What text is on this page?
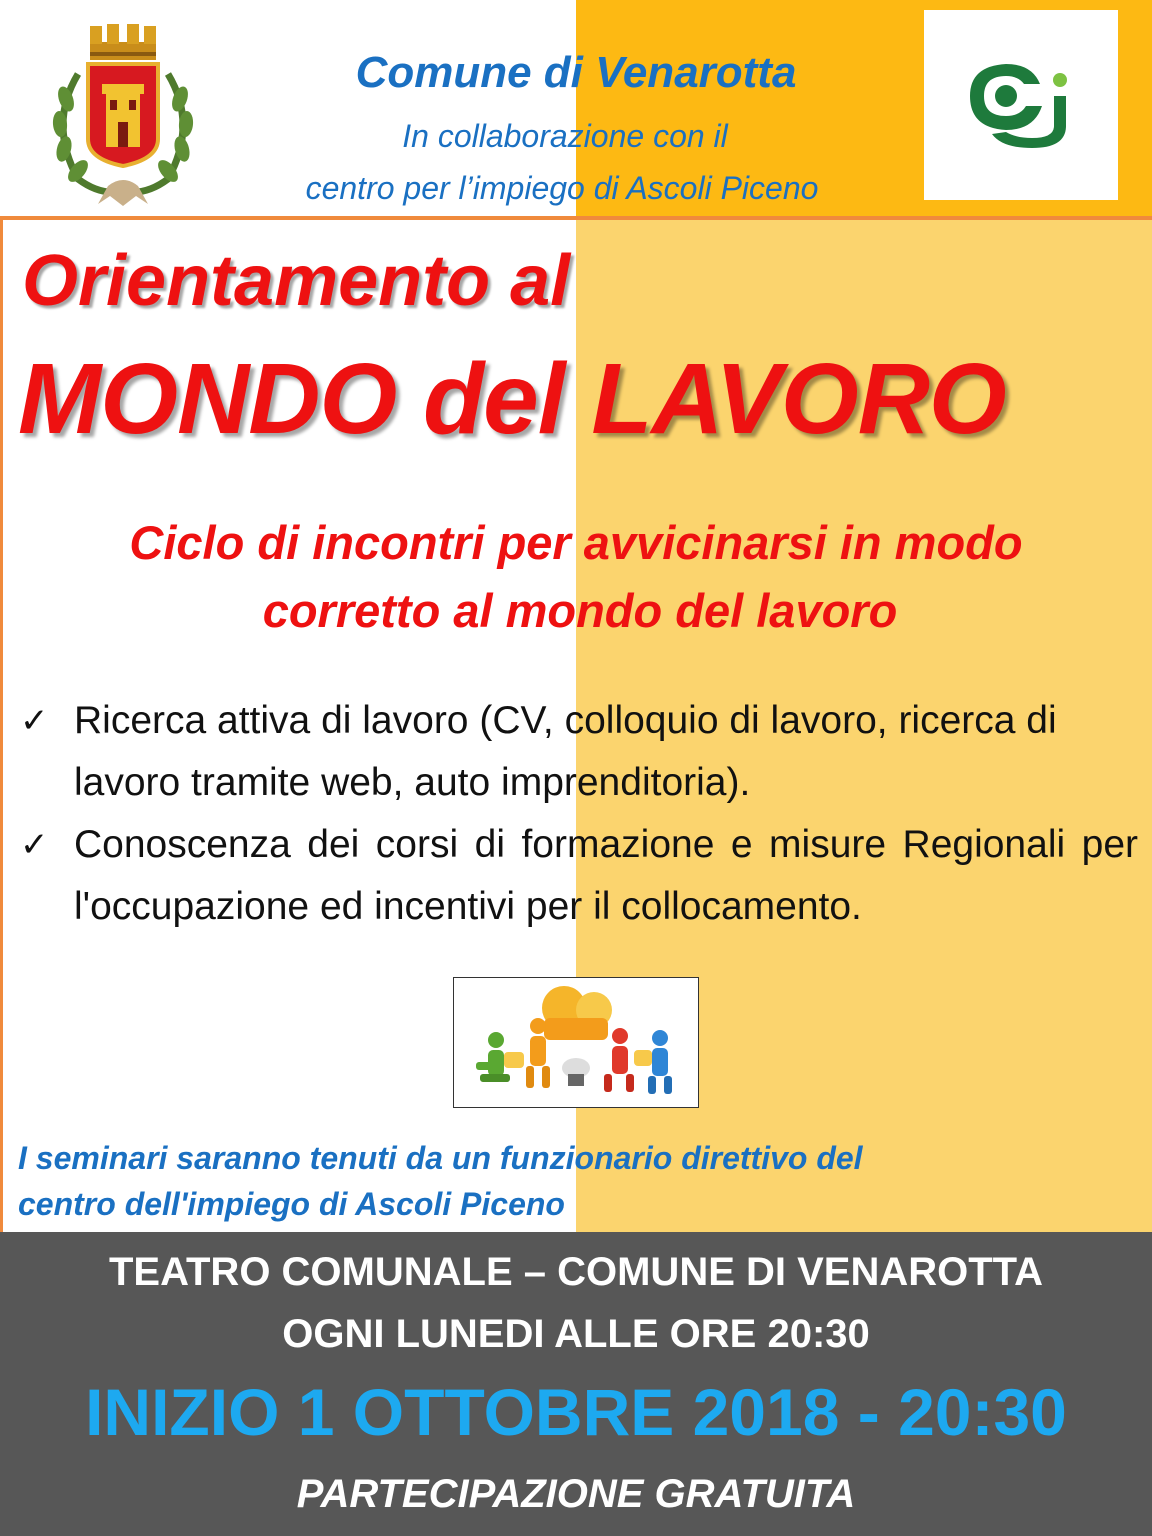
Comune di Venarotta
In collaborazione con il
centro per l’impiego di Ascoli Piceno
Orientamento al
MONDO del LAVORO
Ciclo di incontri per avvicinarsi in modo
corretto al mondo del lavoro
✓ Ricerca attiva di lavoro (CV, colloquio di lavoro, ricerca di lavoro tramite web, auto imprenditoria).
✓ Conoscenza dei corsi di formazione e misure Regionali per l'occupazione ed incentivi per il collocamento.
I seminari saranno tenuti da un funzionario direttivo del
centro dell'impiego di Ascoli Piceno
TEATRO COMUNALE – COMUNE DI VENAROTTA
OGNI LUNEDI ALLE ORE 20:30
INIZIO 1 OTTOBRE 2018 - 20:30
PARTECIPAZIONE GRATUITA
